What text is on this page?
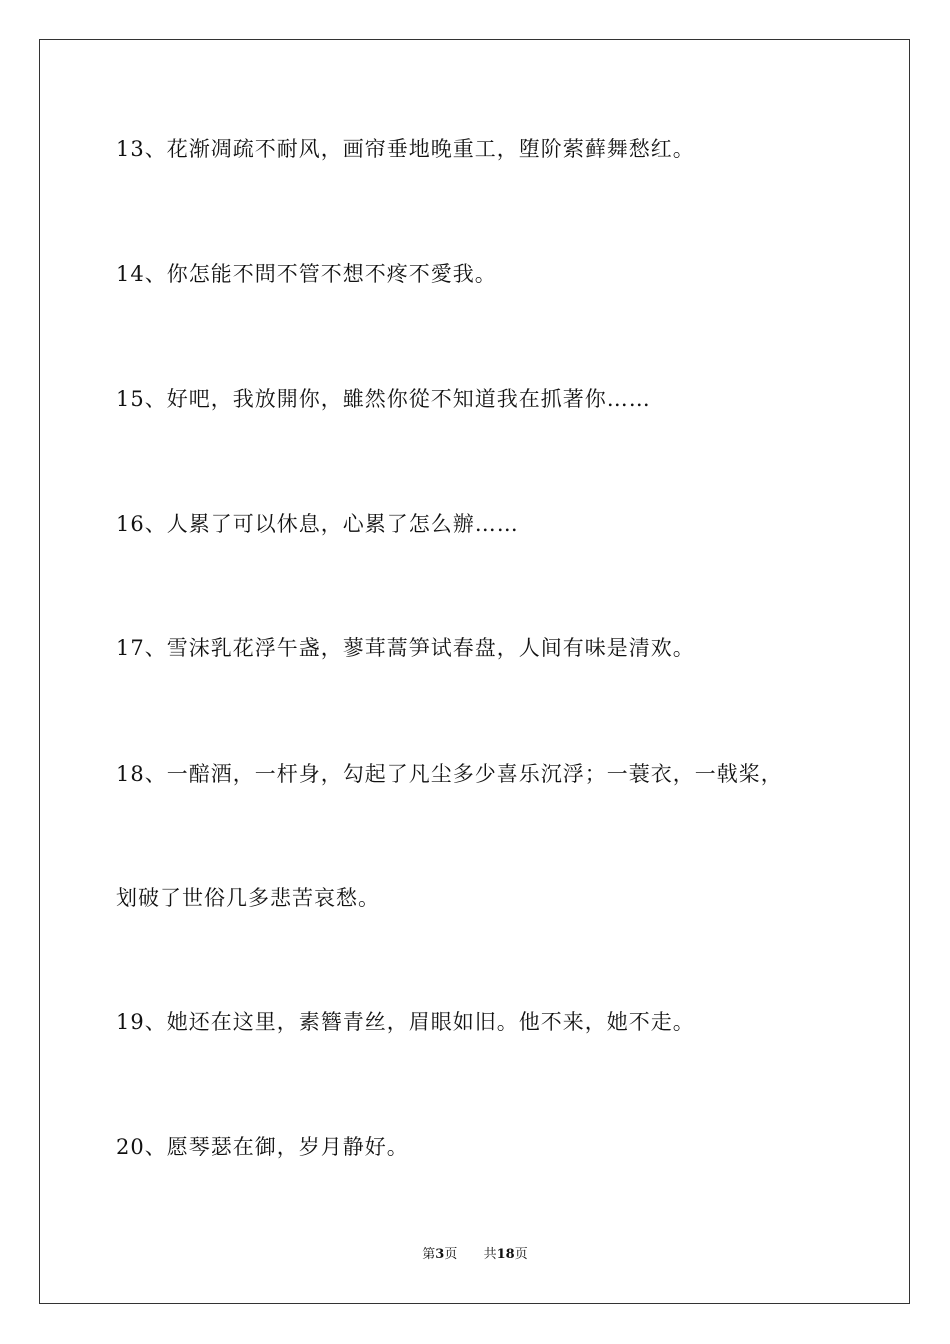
13、花渐凋疏不耐风，画帘垂地晚重工，堕阶萦藓舞愁红。
14、你怎能不問不管不想不疼不愛我。
15、好吧，我放開你，雖然你從不知道我在抓著你……
16、人累了可以休息，心累了怎么辦……
17、雪沫乳花浮午盏，蓼茸蒿笋试春盘，人间有味是清欢。
18、一醅酒，一杆身，勾起了凡尘多少喜乐沉浮；一蓑衣，一戟桨，
划破了世俗几多悲苦哀愁。
19、她还在这里，素簪青丝，眉眼如旧。他不来，她不走。
20、愿琴瑟在御，岁月静好。
第3页 共18页
